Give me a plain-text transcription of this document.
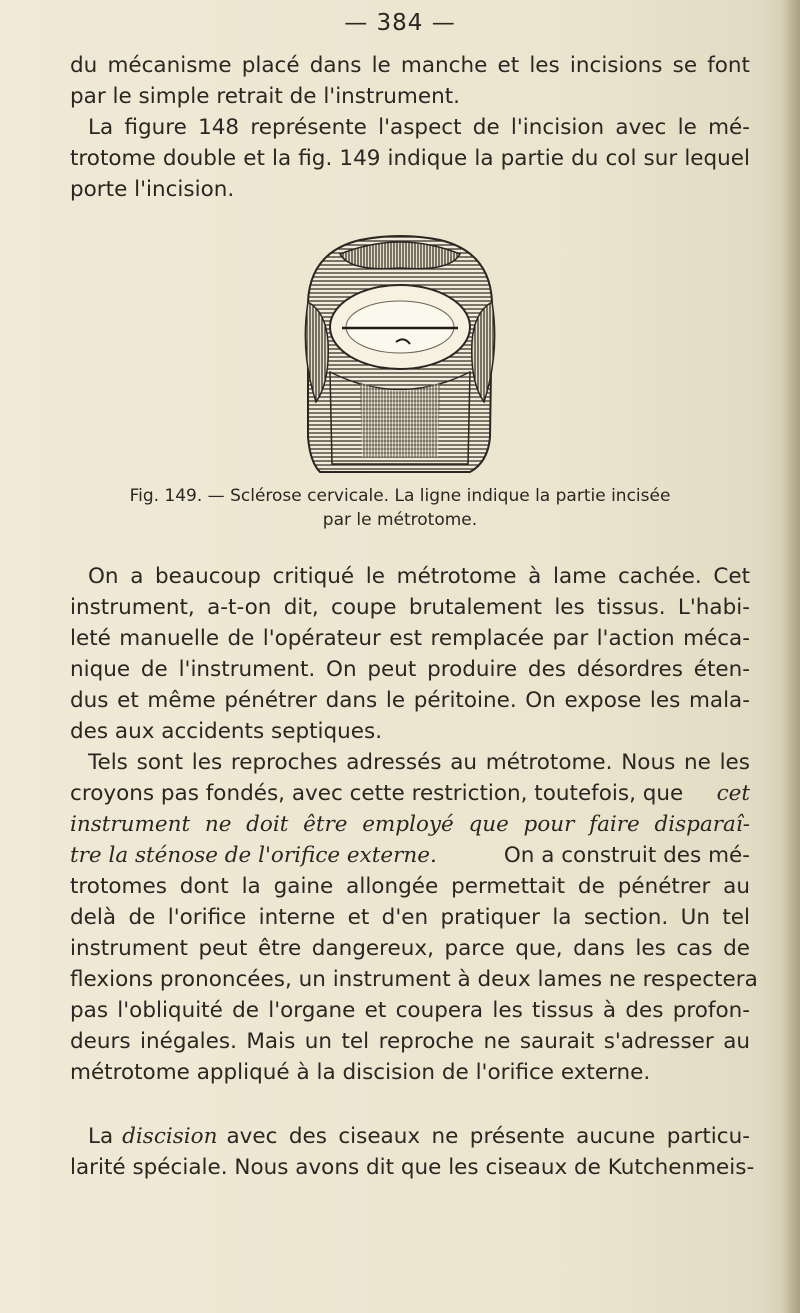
— 384 —
du mécanisme placé dans le manche et les incisions se font
par le simple retrait de l'instrument.
La figure 148 représente l'aspect de l'incision avec le mé-
trotome double et la fig. 149 indique la partie du col sur lequel
porte l'incision.
Fig. 149. — Sclérose cervicale. La ligne indique la partie incisée
par le métrotome.
On a beaucoup critiqué le métrotome à lame cachée. Cet
instrument, a-t-on dit, coupe brutalement les tissus. L'habi-
leté manuelle de l'opérateur est remplacée par l'action méca-
nique de l'instrument. On peut produire des désordres éten-
dus et même pénétrer dans le péritoine. On expose les mala-
des aux accidents septiques.
Tels sont les reproches adressés au métrotome. Nous ne les
croyons pas fondés, avec cette restriction, toutefois, que cet
instrument ne doit être employé que pour faire disparaî-
tre la sténose de l'orifice externe.	On a construit des mé-
trotomes dont la gaine allongée permettait de pénétrer au
delà de l'orifice interne et d'en pratiquer la section. Un tel
instrument peut être dangereux, parce que, dans les cas de
flexions prononcées, un instrument à deux lames ne respectera
pas l'obliquité de l'organe et coupera les tissus à des profon-
deurs inégales. Mais un tel reproche ne saurait s'adresser au
métrotome appliqué à la discision de l'orifice externe.
La discision avec des ciseaux ne présente aucune particu-
larité spéciale. Nous avons dit que les ciseaux de Kutchenmeis-
